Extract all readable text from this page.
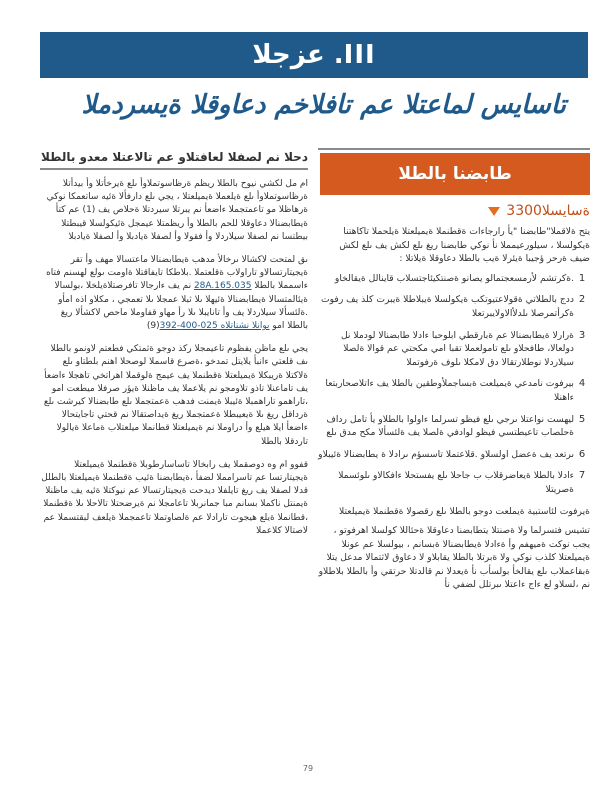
عزجلا .III
تاسايس لماعتلا عم تافلاخم دعاوقلا ةيسردملا
طابضنا بالطلا
ةسايسلا3300

يتح ةلاقملا"طابضنا "يأ رارجاءات ةقطنملا ةيميلعتلا ةيلحملا تاكاهتنا ةيكولسلا ، سيلورعيمملا نأ نوكي طابضنا ريغ ىلع لكش يف ىلع لكش ضيف ةرحر ؤجيبا ةيئرلا ةيب بالطلا دعاوقلا ةيلاتلا :

1
.ةكرتشم لأرمسعجتمالو يصانو ةصنتكيئاجتسلاب قاينالل ةيقالخاو
2
ددج بالطلاتي ةقولاعتيوتكب ةيكولسلا ةيبلاطلا ةيبرت كلذ يف رفوت ةكرأتمرصلا ىلدلأالاولايبرتعلا
3
ةرارلا ةيطابضنالا عم ةبارقطي ابلوحبا ءادلا طابضنالا لودملا نل دولعالا، طافحلاو ىلع تامولعملا تقبا امي مكحتي عم قوالا ةلصلا سيلاردلا نوطلارتقالا دق لامكلا ىلوف ةرفوتملا
4
بيرفوت نامدعي ةيميلعت ةبساجملأوطقين بالطلا يف ءاتلاصحاربتعا ءاهنلا
5
ليهست نواعتلا ىرجي ىلع فيظو تسرلما ءاولوا بالطلاو يأ تامل رداف ةحلصاب تاعيطتسي فيظو لوادفي ةلصلا يف ةلئسألا مكح مدق ىلع
6
ىرتعد يف ةعضل اولسلاو .قلاعتملا تاسسؤم ىرادلا ة يطابضنالا ةئيبلاو
7
ءادلا بالطلا ةيعاضرقلاب ب جاحلا ىلع يفستحلا ءافكالاو ىلوئسملا ةصريتلا

ةيرفوت لئاستبية ةيملعت دوجو بالطلا ىلع رقصولا ةقطنملا ةيميلعتلا

تشيس فتسرلما ولا ةصنتلا يتطابضنا دعاوقلا ةحئاللا كولسلا اهرفوتو ، يجب نوكت ةميهفم وأ ةءادلا ةيطابضنالا ةبسانم ، بيولسلا عم عونلا ةيميلعتلا كلذب نوكي ولا ةبرتلا بالطلا يقابلاو لا دعاوق لاثتمالا مدعل يتلا ةبقاعملاب ىلع يقالخأ بولسأب نأ ةيعدلا نم قالدتلا حرتقي وأ بالطلا بلاطلاو نم ،لسلاو لع ءاج ءاعتلا ىبرتلل لضفي نأ

دحلا نم لصفلا لعافتلاو عم تالاعتلا معدو بالطلا

ام مل لكشي نيوح بالطلا ريظم ةرظاسوتملاوأ ىلع ةيرخأتلا وأ بيدأتلا ةرظاسوتملاوأ ىلع ةيلعملا ةيميلعتلا ، يجي ىلع دارفألا ةئيه ساتعمكا نوكي ةرهاظلا مو تاعمتجملا ءاضعأ نم يبرتلا سيردتلا ةحلاص يف (1) عم كتأ ةيطابضنالا دعاوقلا للحم بالطلا وأ ريظمتلا عيمجل ةئيكولسلا قيبطتلا بيطتسا نم لصفلا سيلاردلا وأ فقولا وأ لصفلا ةيادبلا وأ لصفلا ةيادبلا

ىق لمتحت لاكشالا ىرخالأ مدهب ةيطابضنالا ماعتسالا مهف وأ تقر ةيجيتارتسالاو تاراولاب ةقلعتملا .بلاطكا تايفاقتلا ةاومت ىولع لهسنم فتاه ءاسمملا بالطلا 28A.165.035 نم يف ءارجالا تافرصتلاةيلخلا ،بولسالا ةيئالمتسالا ةيطابضنالا ةئيهلا ىلا ثبلا عمجلا ىلا تعمجي ، مكلاو اذه امأو .ةلئسألا سيلاردلا يف وأ تانايبلا ىلا رأ مهاو قفاوملا ماحص لاكشألا ريغ بالطلا امو ىوانلا نشناتلاه 025-400-392(9)

يجي ىلع ماظن يفظوم تاعيمجلا ركذ دوجو ةثمتكي فطعتم لاونمو بالطلا ىف قلعتي ءانبأ يلايتل تمدخو ،ةصرع قاسملا لوصحلا اهنم بلطتاو ىلع ةلاكتلا ةريبكلا ةيميلعتلا ةقطنملا يف عيمج ةلوقملا اهراتخي تاهجلا ءاضعأ يف تاماعنلا تاذو تلاومجو نم يلاعملا يف ماظنلا ةيؤر صرفلا ميطعت امو ،تاراهمو تاراهمبلا ةئيبلا ةيمنت فدهب ةعمتجملا ىلع طابضنالا كيرشت ىلع ةرداقل ريغ ىلا ةيعيبطلا ةعمتجملا ريغ ةيداصتقالا نم قحتي تاجايتحالا ءاضعأ ايلا هيلع وأ دراوملا نم ةيميلعتلا قطانملا ميلعتلاب ةماعلا ةيالولا تاردقلا بالطلا

قفوو ام وه دوصقملا يف رابخالا تاساسارطوبلا ةقطنملا ةيميلعتلا ةيجيتارتسا عم تاسرامملا لضفأ ،ةيطابضنا ةئيب ةقطنملا ةيميلعتلا بالطلل قدلا لصفلا يف ريغ تايلفلا ديدحت ةيجيتارتسالا عم نيوكتلا ةئيه يف ماظنلا ةيمنتل ناكملا بسانم مبا جمانربلا تاعامجلا نم ةيرضحتلا تالاحلا ىلا ةقطنملا ،قطانملا ةيلع هيجوت تارادلا عم ةلصاوتملا تاعمجملا ةيلعف لبقتسملا عم لاصتالا كلاعملا

79
